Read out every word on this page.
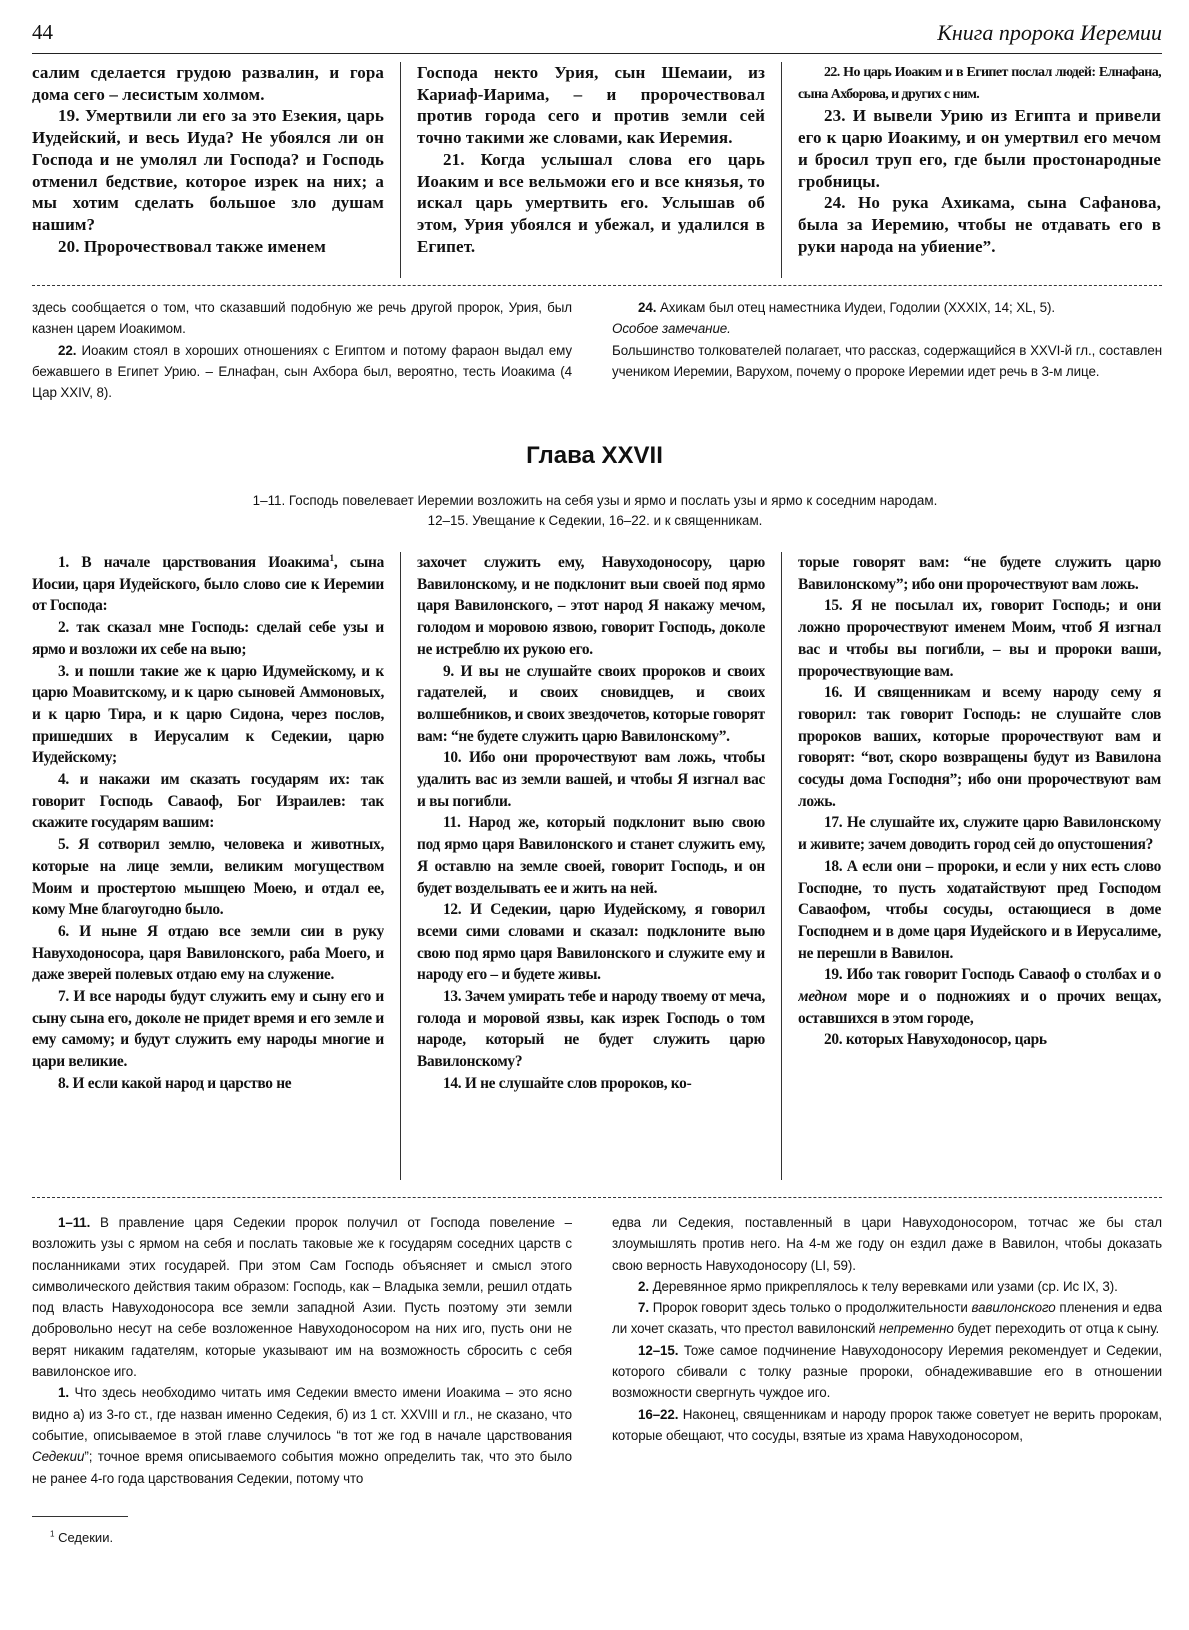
44	Книга пророка Иеремии

салим сделается грудою развалин, и гора дома сего – лесистым холмом.

19. Умертвили ли его за это Езекия, царь Иудейский, и весь Иуда? Не убоялся ли он Господа и не умолял ли Господа? и Господь отменил бедствие, которое изрек на них; а мы хотим сделать большое зло душам нашим?

20. Пророчествовал также именем

Господа некто Урия, сын Шемаии, из Кариаф-Иарима, – и пророчествовал против города сего и против земли сей точно такими же словами, как Иеремия.

21. Когда услышал слова его царь Иоаким и все вельможи его и все князья, то искал царь умертвить его. Услышав об этом, Урия убоялся и убежал, и удалился в Египет.

22. Но царь Иоаким и в Египет послал людей: Елнафана, сына Ахборова, и других с ним.

23. И вывели Урию из Египта и привели его к царю Иоакиму, и он умертвил его мечом и бросил труп его, где были простонародные гробницы.

24. Но рука Ахикама, сына Сафанова, была за Иеремию, чтобы не отдавать его в руки народа на убиение”.

здесь сообщается о том, что сказавший подобную же речь другой пророк, Урия, был казнен царем Иоакимом.

22. Иоаким стоял в хороших отношениях с Египтом и потому фараон выдал ему бежавшего в Египет Урию. – Елнафан, сын Ахбора был, вероятно, тесть Иоакима (4 Цар XXIV, 8).

24. Ахикам был отец наместника Иудеи, Годолии (XXXIX, 14; XL, 5).

Особое замечание.

Большинство толкователей полагает, что рассказ, содержащийся в XXVI-й гл., составлен учеником Иеремии, Варухом, почему о пророке Иеремии идет речь в 3-м лице.

Глава XXVII
1–11. Господь повелевает Иеремии возложить на себя узы и ярмо и послать узы и ярмо к соседним народам.
12–15. Увещание к Седекии, 16–22. и к священникам.

1. В начале царствования Иоакима$^1$, сына Иосии, царя Иудейского, было слово сие к Иеремии от Господа:

2. так сказал мне Господь: сделай себе узы и ярмо и возложи их себе на выю;

3. и пошли такие же к царю Идумейскому, и к царю Моавитскому, и к царю сыновей Аммоновых, и к царю Тира, и к царю Сидона, через послов, пришедших в Иерусалим к Седекии, царю Иудейскому;

4. и накажи им сказать государям их: так говорит Господь Саваоф, Бог Израилев: так скажите государям вашим:

5. Я сотворил землю, человека и животных, которые на лице земли, великим могуществом Моим и простертою мышцею Моею, и отдал ее, кому Мне благоугодно было.

6. И ныне Я отдаю все земли сии в руку Навуходоносора, царя Вавилонского, раба Моего, и даже зверей полевых отдаю ему на служение.

7. И все народы будут служить ему и сыну его и сыну сына его, доколе не придет время и его земле и ему самому; и будут служить ему народы многие и цари великие.

8. И если какой народ и царство не

захочет служить ему, Навуходоносору, царю Вавилонскому, и не подклонит выи своей под ярмо царя Вавилонского, – этот народ Я накажу мечом, голодом и моровою язвою, говорит Господь, доколе не истреблю их рукою его.

9. И вы не слушайте своих пророков и своих гадателей, и своих сновидцев, и своих волшебников, и своих звездочетов, которые говорят вам: “не будете служить царю Вавилонскому”.

10. Ибо они пророчествуют вам ложь, чтобы удалить вас из земли вашей, и чтобы Я изгнал вас и вы погибли.

11. Народ же, который подклонит выю свою под ярмо царя Вавилонского и станет служить ему, Я оставлю на земле своей, говорит Господь, и он будет возделывать ее и жить на ней.

12. И Седекии, царю Иудейскому, я говорил всеми сими словами и сказал: подклоните выю свою под ярмо царя Вавилонского и служите ему и народу его – и будете живы.

13. Зачем умирать тебе и народу твоему от меча, голода и моровой язвы, как изрек Господь о том народе, который не будет служить царю Вавилонскому?

14. И не слушайте слов пророков, ко-

торые говорят вам: “не будете служить царю Вавилонскому”; ибо они пророчествуют вам ложь.

15. Я не посылал их, говорит Господь; и они ложно пророчествуют именем Моим, чтоб Я изгнал вас и чтобы вы погибли, – вы и пророки ваши, пророчествующие вам.

16. И священникам и всему народу сему я говорил: так говорит Господь: не слушайте слов пророков ваших, которые пророчествуют вам и говорят: “вот, скоро возвращены будут из Вавилона сосуды дома Господня”; ибо они пророчествуют вам ложь.

17. Не слушайте их, служите царю Вавилонскому и живите; зачем доводить город сей до опустошения?

18. А если они – пророки, и если у них есть слово Господне, то пусть ходатайствуют пред Господом Саваофом, чтобы сосуды, остающиеся в доме Господнем и в доме царя Иудейского и в Иерусалиме, не перешли в Вавилон.

19. Ибо так говорит Господь Саваоф о столбах и о медном море и о подножиях и о прочих вещах, оставшихся в этом городе,

20. которых Навуходоносор, царь

1–11. В правление царя Седекии пророк получил от Господа повеление – возложить узы с ярмом на себя и послать таковые же к государям соседних царств с посланниками этих государей. При этом Сам Господь объясняет и смысл этого символического действия таким образом: Господь, как – Владыка земли, решил отдать под власть Навуходоносора все земли западной Азии. Пусть поэтому эти земли добровольно несут на себе возложенное Навуходоносором на них иго, пусть они не верят никаким гадателям, которые указывают им на возможность сбросить с себя вавилонское иго.

1. Что здесь необходимо читать имя Седекии вместо имени Иоакима – это ясно видно а) из 3-го ст., где назван именно Седекия, б) из 1 ст. XXVIII и гл., не сказано, что событие, описываемое в этой главе случилось “в тот же год в начале царствования Седекии”; точное время описываемого события можно определить так, что это было не ранее 4-го года царствования Седекии, потому что

едва ли Седекия, поставленный в цари Навуходоносором, тотчас же бы стал злоумышлять против него. На 4-м же году он ездил даже в Вавилон, чтобы доказать свою верность Навуходоносору (LI, 59).

2. Деревянное ярмо прикреплялось к телу веревками или узами (ср. Ис IX, 3).

7. Пророк говорит здесь только о продолжительности вавилонского пленения и едва ли хочет сказать, что престол вавилонский непременно будет переходить от отца к сыну.

12–15. Тоже самое подчинение Навуходоносору Иеремия рекомендует и Седекии, которого сбивали с толку разные пророки, обнадеживавшие его в отношении возможности свергнуть чуждое иго.

16–22. Наконец, священникам и народу пророк также советует не верить пророкам, которые обещают, что сосуды, взятые из храма Навуходоносором,

$^1$ Седекии.
